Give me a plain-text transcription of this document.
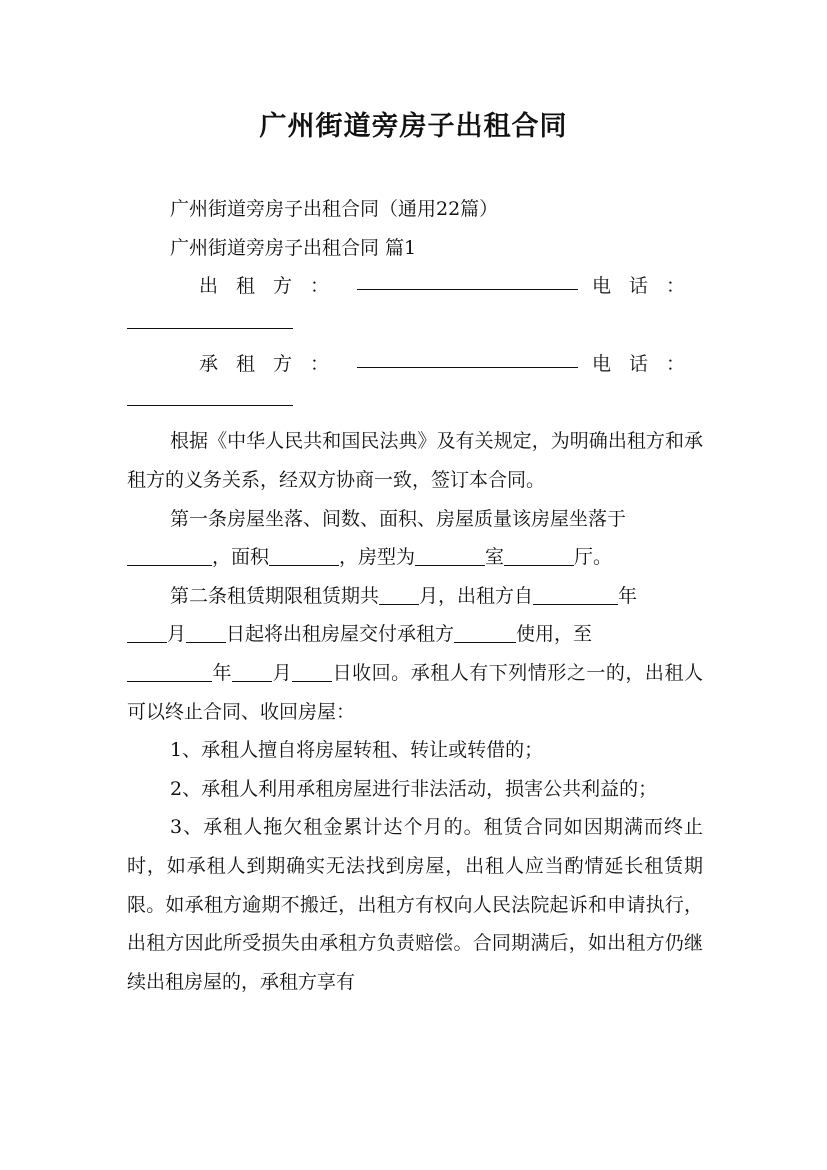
广州街道旁房子出租合同

广州街道旁房子出租合同（通用22篇）

广州街道旁房子出租合同 篇1

出租方：	电话：

承租方：	电话：

根据《中华人民共和国民法典》及有关规定，为明确出租方和承租方的义务关系，经双方协商一致，签订本合同。

第一条房屋坐落、间数、面积、房屋质量该房屋坐落于
，面积	，房型为	室	厅。

第二条租赁期限租赁期共 月，出租方自	年
月 日起将出租房屋交付承租方	使用，至
年 月 日收回。承租人有下列情形之一的，出租人可以终止合同、收回房屋：

1、承租人擅自将房屋转租、转让或转借的；

2、承租人利用承租房屋进行非法活动，损害公共利益的；

3、承租人拖欠租金累计达个月的。租赁合同如因期满而终止时，如承租人到期确实无法找到房屋，出租人应当酌情延长租赁期限。如承租方逾期不搬迁，出租方有权向人民法院起诉和申请执行，出租方因此所受损失由承租方负责赔偿。合同期满后，如出租方仍继续出租房屋的，承租方享有
